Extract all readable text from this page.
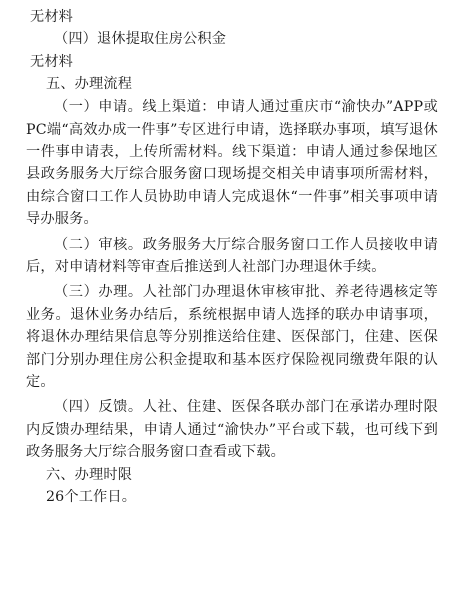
无材料
（四）退休提取住房公积金
无材料
五、办理流程

（一）申请。线上渠道：申请人通过重庆市“渝快办”APP或PC端“高效办成一件事”专区进行申请，选择联办事项，填写退休一件事申请表，上传所需材料。线下渠道：申请人通过参保地区县政务服务大厅综合服务窗口现场提交相关申请事项所需材料，由综合窗口工作人员协助申请人完成退休“一件事”相关事项申请导办服务。

（二）审核。政务服务大厅综合服务窗口工作人员接收申请后，对申请材料等审查后推送到人社部门办理退休手续。

（三）办理。人社部门办理退休审核审批、养老待遇核定等业务。退休业务办结后，系统根据申请人选择的联办申请事项，将退休办理结果信息等分别推送给住建、医保部门，住建、医保部门分别办理住房公积金提取和基本医疗保险视同缴费年限的认定。

（四）反馈。人社、住建、医保各联办部门在承诺办理时限内反馈办理结果，申请人通过“渝快办”平台或下载，也可线下到政务服务大厅综合服务窗口查看或下载。

六、办理时限
26个工作日。
